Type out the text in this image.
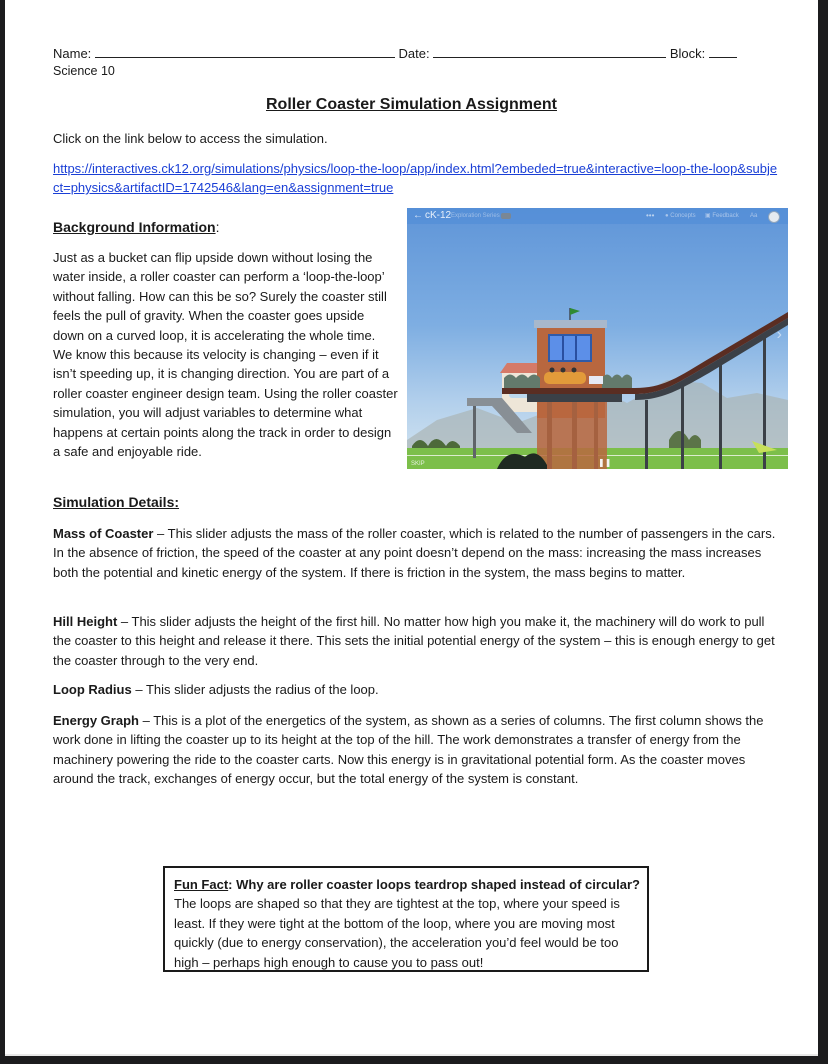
Name:	Date:	Block:
Science 10
Roller Coaster Simulation Assignment
Click on the link below to access the simulation.
https://interactives.ck12.org/simulations/physics/loop-the-loop/app/index.html?embeded=true&interactive=loop-the-loop&subject=physics&artifactID=1742546&lang=en&assignment=true
Background Information:
Just as a bucket can flip upside down without losing the water inside, a roller coaster can perform a ‘loop-the-loop’ without falling. How can this be so? Surely the coaster still feels the pull of gravity. When the coaster goes upside down on a curved loop, it is accelerating the whole time. We know this because its velocity is changing – even if it isn’t speeding up, it is changing direction. You are part of a roller coaster engineer design team. Using the roller coaster simulation, you will adjust variables to determine what happens at certain points along the track in order to design a safe and enjoyable ride.
← cK-12 Exploration Series	••• ● Concepts ▣ Feedback Aa
›
SKIP	❚❚
Simulation Details:
Mass of Coaster – This slider adjusts the mass of the roller coaster, which is related to the number of passengers in the cars. In the absence of friction, the speed of the coaster at any point doesn’t depend on the mass: increasing the mass increases both the potential and kinetic energy of the system. If there is friction in the system, the mass begins to matter.
Hill Height – This slider adjusts the height of the first hill. No matter how high you make it, the machinery will do work to pull the coaster to this height and release it there. This sets the initial potential energy of the system – this is enough energy to get the coaster through to the very end.
Loop Radius – This slider adjusts the radius of the loop.
Energy Graph – This is a plot of the energetics of the system, as shown as a series of columns. The first column shows the work done in lifting the coaster up to its height at the top of the hill. The work demonstrates a transfer of energy from the machinery powering the ride to the coaster carts. Now this energy is in gravitational potential form. As the coaster moves around the track, exchanges of energy occur, but the total energy of the system is constant.
Fun Fact: Why are roller coaster loops teardrop shaped instead of circular? The loops are shaped so that they are tightest at the top, where your speed is least. If they were tight at the bottom of the loop, where you are moving most quickly (due to energy conservation), the acceleration you’d feel would be too high – perhaps high enough to cause you to pass out!
